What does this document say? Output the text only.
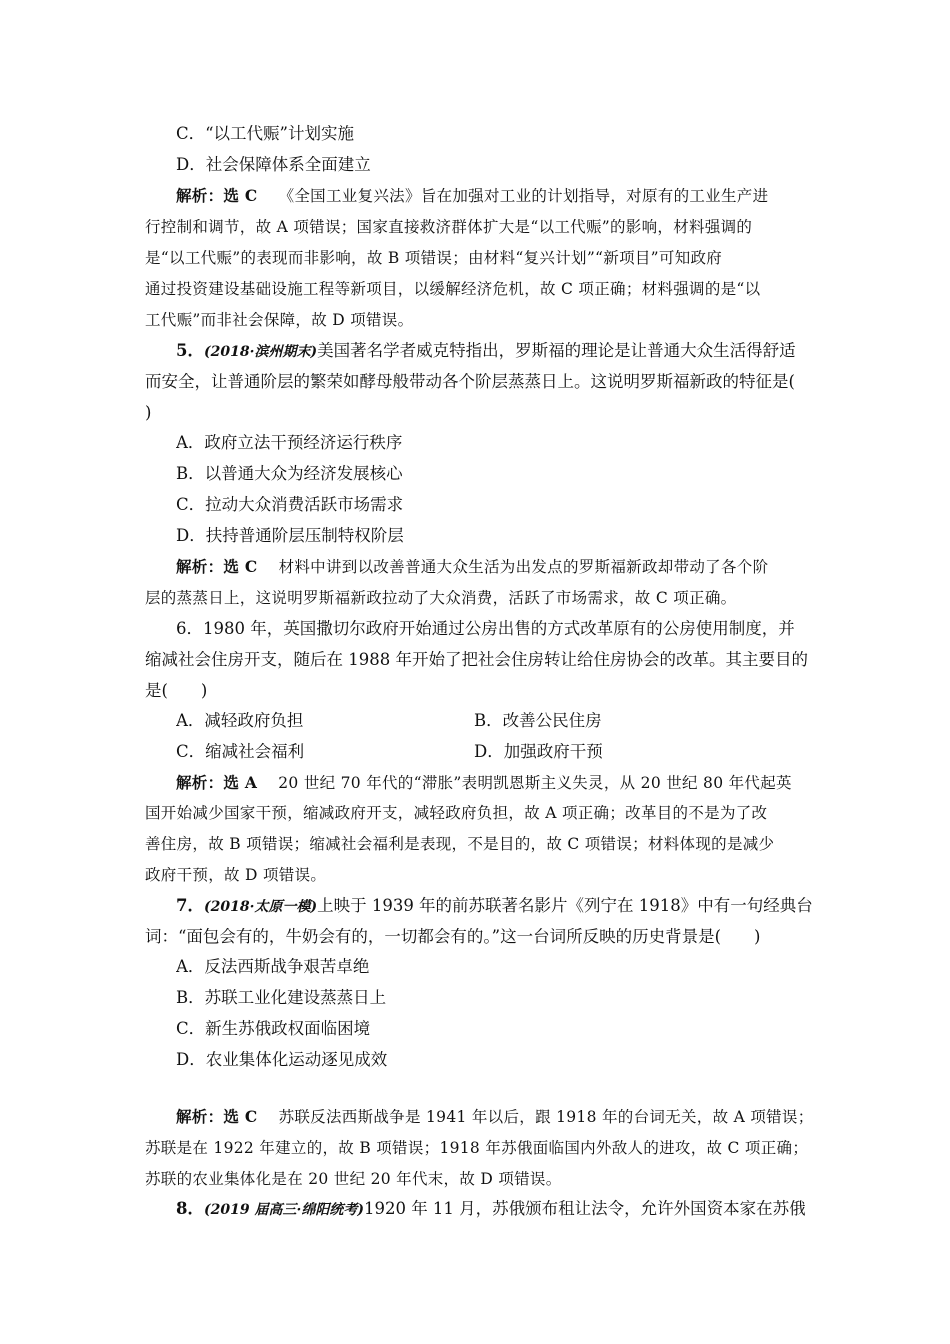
C．“以工代赈”计划实施
D．社会保障体系全面建立
解析：选 C　 《全国工业复兴法》旨在加强对工业的计划指导，对原有的工业生产进
行控制和调节，故 A 项错误；国家直接救济群体扩大是“以工代赈”的影响，材料强调的
是“以工代赈”的表现而非影响，故 B 项错误；由材料“复兴计划”“新项目”可知政府
通过投资建设基础设施工程等新项目，以缓解经济危机，故 C 项正确；材料强调的是“以
工代赈”而非社会保障，故 D 项错误。
5．(2018·滨州期末)美国著名学者威克特指出，罗斯福的理论是让普通大众生活得舒适
而安全，让普通阶层的繁荣如酵母般带动各个阶层蒸蒸日上。这说明罗斯福新政的特征是(
)
A．政府立法干预经济运行秩序
B．以普通大众为经济发展核心
C．拉动大众消费活跃市场需求
D．扶持普通阶层压制特权阶层
解析：选 C　 材料中讲到以改善普通大众生活为出发点的罗斯福新政却带动了各个阶
层的蒸蒸日上，这说明罗斯福新政拉动了大众消费，活跃了市场需求，故 C 项正确。
6．1980 年，英国撒切尔政府开始通过公房出售的方式改革原有的公房使用制度，并
缩减社会住房开支，随后在 1988 年开始了把社会住房转让给住房协会的改革。其主要目的
是(　　)
A．减轻政府负担	B．改善公民住房
C．缩减社会福利	D．加强政府干预
解析：选 A　 20 世纪 70 年代的“滞胀”表明凯恩斯主义失灵，从 20 世纪 80 年代起英
国开始减少国家干预，缩减政府开支，减轻政府负担，故 A 项正确；改革目的不是为了改
善住房，故 B 项错误；缩减社会福利是表现，不是目的，故 C 项错误；材料体现的是减少
政府干预，故 D 项错误。
7．(2018·太原一模)上映于 1939 年的前苏联著名影片《列宁在 1918》中有一句经典台
词：“面包会有的，牛奶会有的，一切都会有的。”这一台词所反映的历史背景是(　　)
A．反法西斯战争艰苦卓绝
B．苏联工业化建设蒸蒸日上
C．新生苏俄政权面临困境
D．农业集体化运动逐见成效
解析：选 C　 苏联反法西斯战争是 1941 年以后，跟 1918 年的台词无关，故 A 项错误；
苏联是在 1922 年建立的，故 B 项错误；1918 年苏俄面临国内外敌人的进攻，故 C 项正确；
苏联的农业集体化是在 20 世纪 20 年代末，故 D 项错误。
8．(2019 届高三·绵阳统考)1920 年 11 月，苏俄颁布租让法令，允许外国资本家在苏俄
